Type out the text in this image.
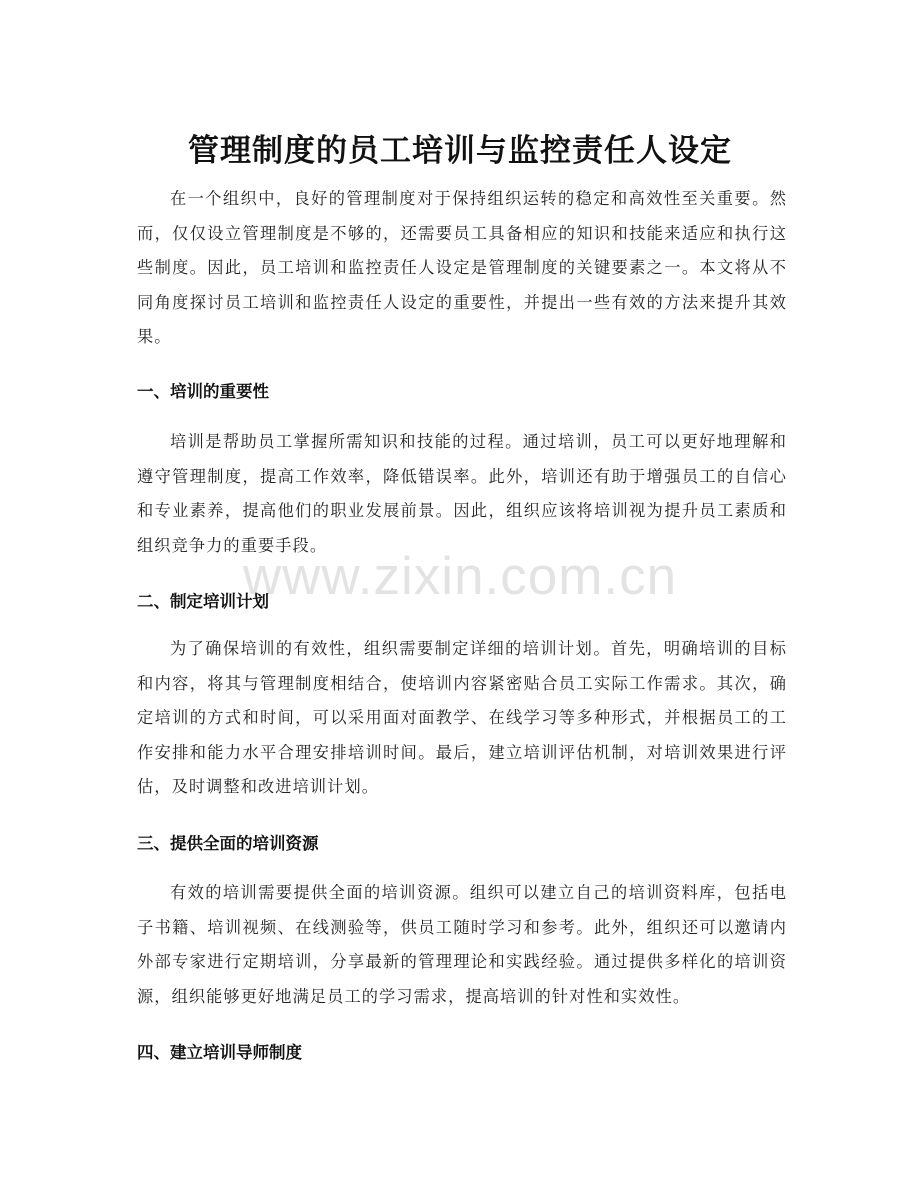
管理制度的员工培训与监控责任人设定

在一个组织中，良好的管理制度对于保持组织运转的稳定和高效性至关重要。然而，仅仅设立管理制度是不够的，还需要员工具备相应的知识和技能来适应和执行这些制度。因此，员工培训和监控责任人设定是管理制度的关键要素之一。本文将从不同角度探讨员工培训和监控责任人设定的重要性，并提出一些有效的方法来提升其效果。

一、培训的重要性

培训是帮助员工掌握所需知识和技能的过程。通过培训，员工可以更好地理解和遵守管理制度，提高工作效率，降低错误率。此外，培训还有助于增强员工的自信心和专业素养，提高他们的职业发展前景。因此，组织应该将培训视为提升员工素质和组织竞争力的重要手段。

二、制定培训计划

为了确保培训的有效性，组织需要制定详细的培训计划。首先，明确培训的目标和内容，将其与管理制度相结合，使培训内容紧密贴合员工实际工作需求。其次，确定培训的方式和时间，可以采用面对面教学、在线学习等多种形式，并根据员工的工作安排和能力水平合理安排培训时间。最后，建立培训评估机制，对培训效果进行评估，及时调整和改进培训计划。

三、提供全面的培训资源

有效的培训需要提供全面的培训资源。组织可以建立自己的培训资料库，包括电子书籍、培训视频、在线测验等，供员工随时学习和参考。此外，组织还可以邀请内外部专家进行定期培训，分享最新的管理理论和实践经验。通过提供多样化的培训资源，组织能够更好地满足员工的学习需求，提高培训的针对性和实效性。

四、建立培训导师制度
www.zixin.com.cn
